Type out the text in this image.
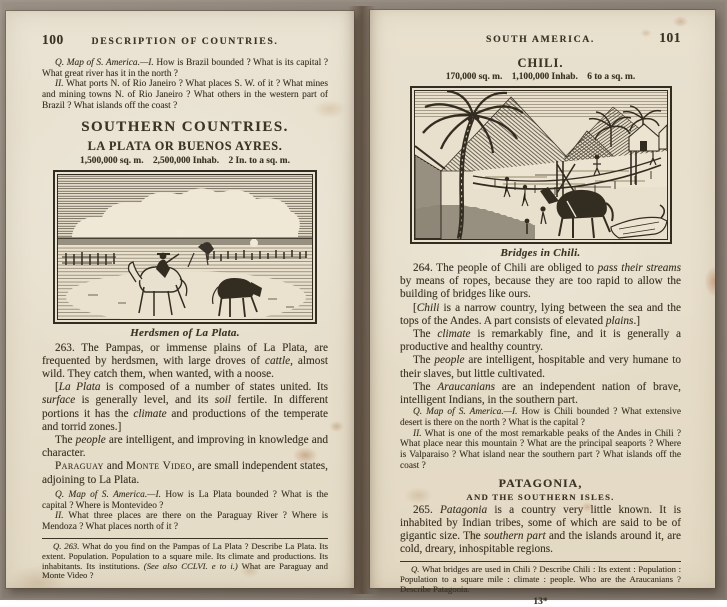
100	DESCRIPTION OF COUNTRIES.

Q. Map of S. America.—I. How is Brazil bounded ? What is its capital ? What great river has it in the north ?

II. What ports N. of Rio Janeiro ? What places S. W. of it ? What mines and mining towns N. of Rio Janeiro ? What others in the western part of Brazil ? What islands off the coast ?

SOUTHERN COUNTRIES.
LA PLATA OR BUENOS AYRES.
1,500,000 sq. m.    2,500,000 Inhab.    2 In. to a sq. m.
Herdsmen of La Plata.

263. The Pampas, or immense plains of La Plata, are frequented by herdsmen, with large droves of cattle, almost wild. They catch them, when wanted, with a noose.

[La Plata is composed of a number of states united. Its surface is generally level, and its soil fertile. In different portions it has the climate and productions of the temperate and torrid zones.]

The people are intelligent, and improving in knowledge and character.

Paraguay and Monte Video, are small independent states, adjoining to La Plata.

Q. Map of S. America.—I. How is La Plata bounded ? What is the capital ? Where is Montevideo ?

II. What three places are there on the Paraguay River ? Where is Mendoza ? What places north of it ?

Q. 263. What do you find on the Pampas of La Plata ? Describe La Plata. Its extent. Population. Population to a square mile. Its climate and productions. Its inhabitants. Its institutions. (See also CCLVI. e to i.) What are Paraguay and Monte Video ?

SOUTH AMERICA.	101
CHILI.
170,000 sq. m.    1,100,000 Inhab.    6 to a sq. m.
Bridges in Chili.

264. The people of Chili are obliged to pass their streams by means of ropes, because they are too rapid to allow the building of bridges like ours.

[Chili is a narrow country, lying between the sea and the tops of the Andes. A part consists of elevated plains.]

The climate is remarkably fine, and it is generally a productive and healthy country.

The people are intelligent, hospitable and very humane to their slaves, but little cultivated.

The Araucanians are an independent nation of brave, intelligent Indians, in the southern part.

Q. Map of S. America.—I. How is Chili bounded ? What extensive desert is there on the north ? What is the capital ?

II. What is one of the most remarkable peaks of the Andes in Chili ? What place near this mountain ? What are the principal seaports ? Where is Valparaiso ? What island near the southern part ? What islands off the coast ?

PATAGONIA,
AND THE SOUTHERN ISLES.

265. Patagonia is a country very little known. It is inhabited by Indian tribes, some of which are said to be of gigantic size. The southern part and the islands around it, are cold, dreary, inhospitable regions.

Q. What bridges are used in Chili ? Describe Chili : Its extent : Population : Population to a square mile : climate : people. Who are the Araucanians ? Describe Patagonia.

13*
